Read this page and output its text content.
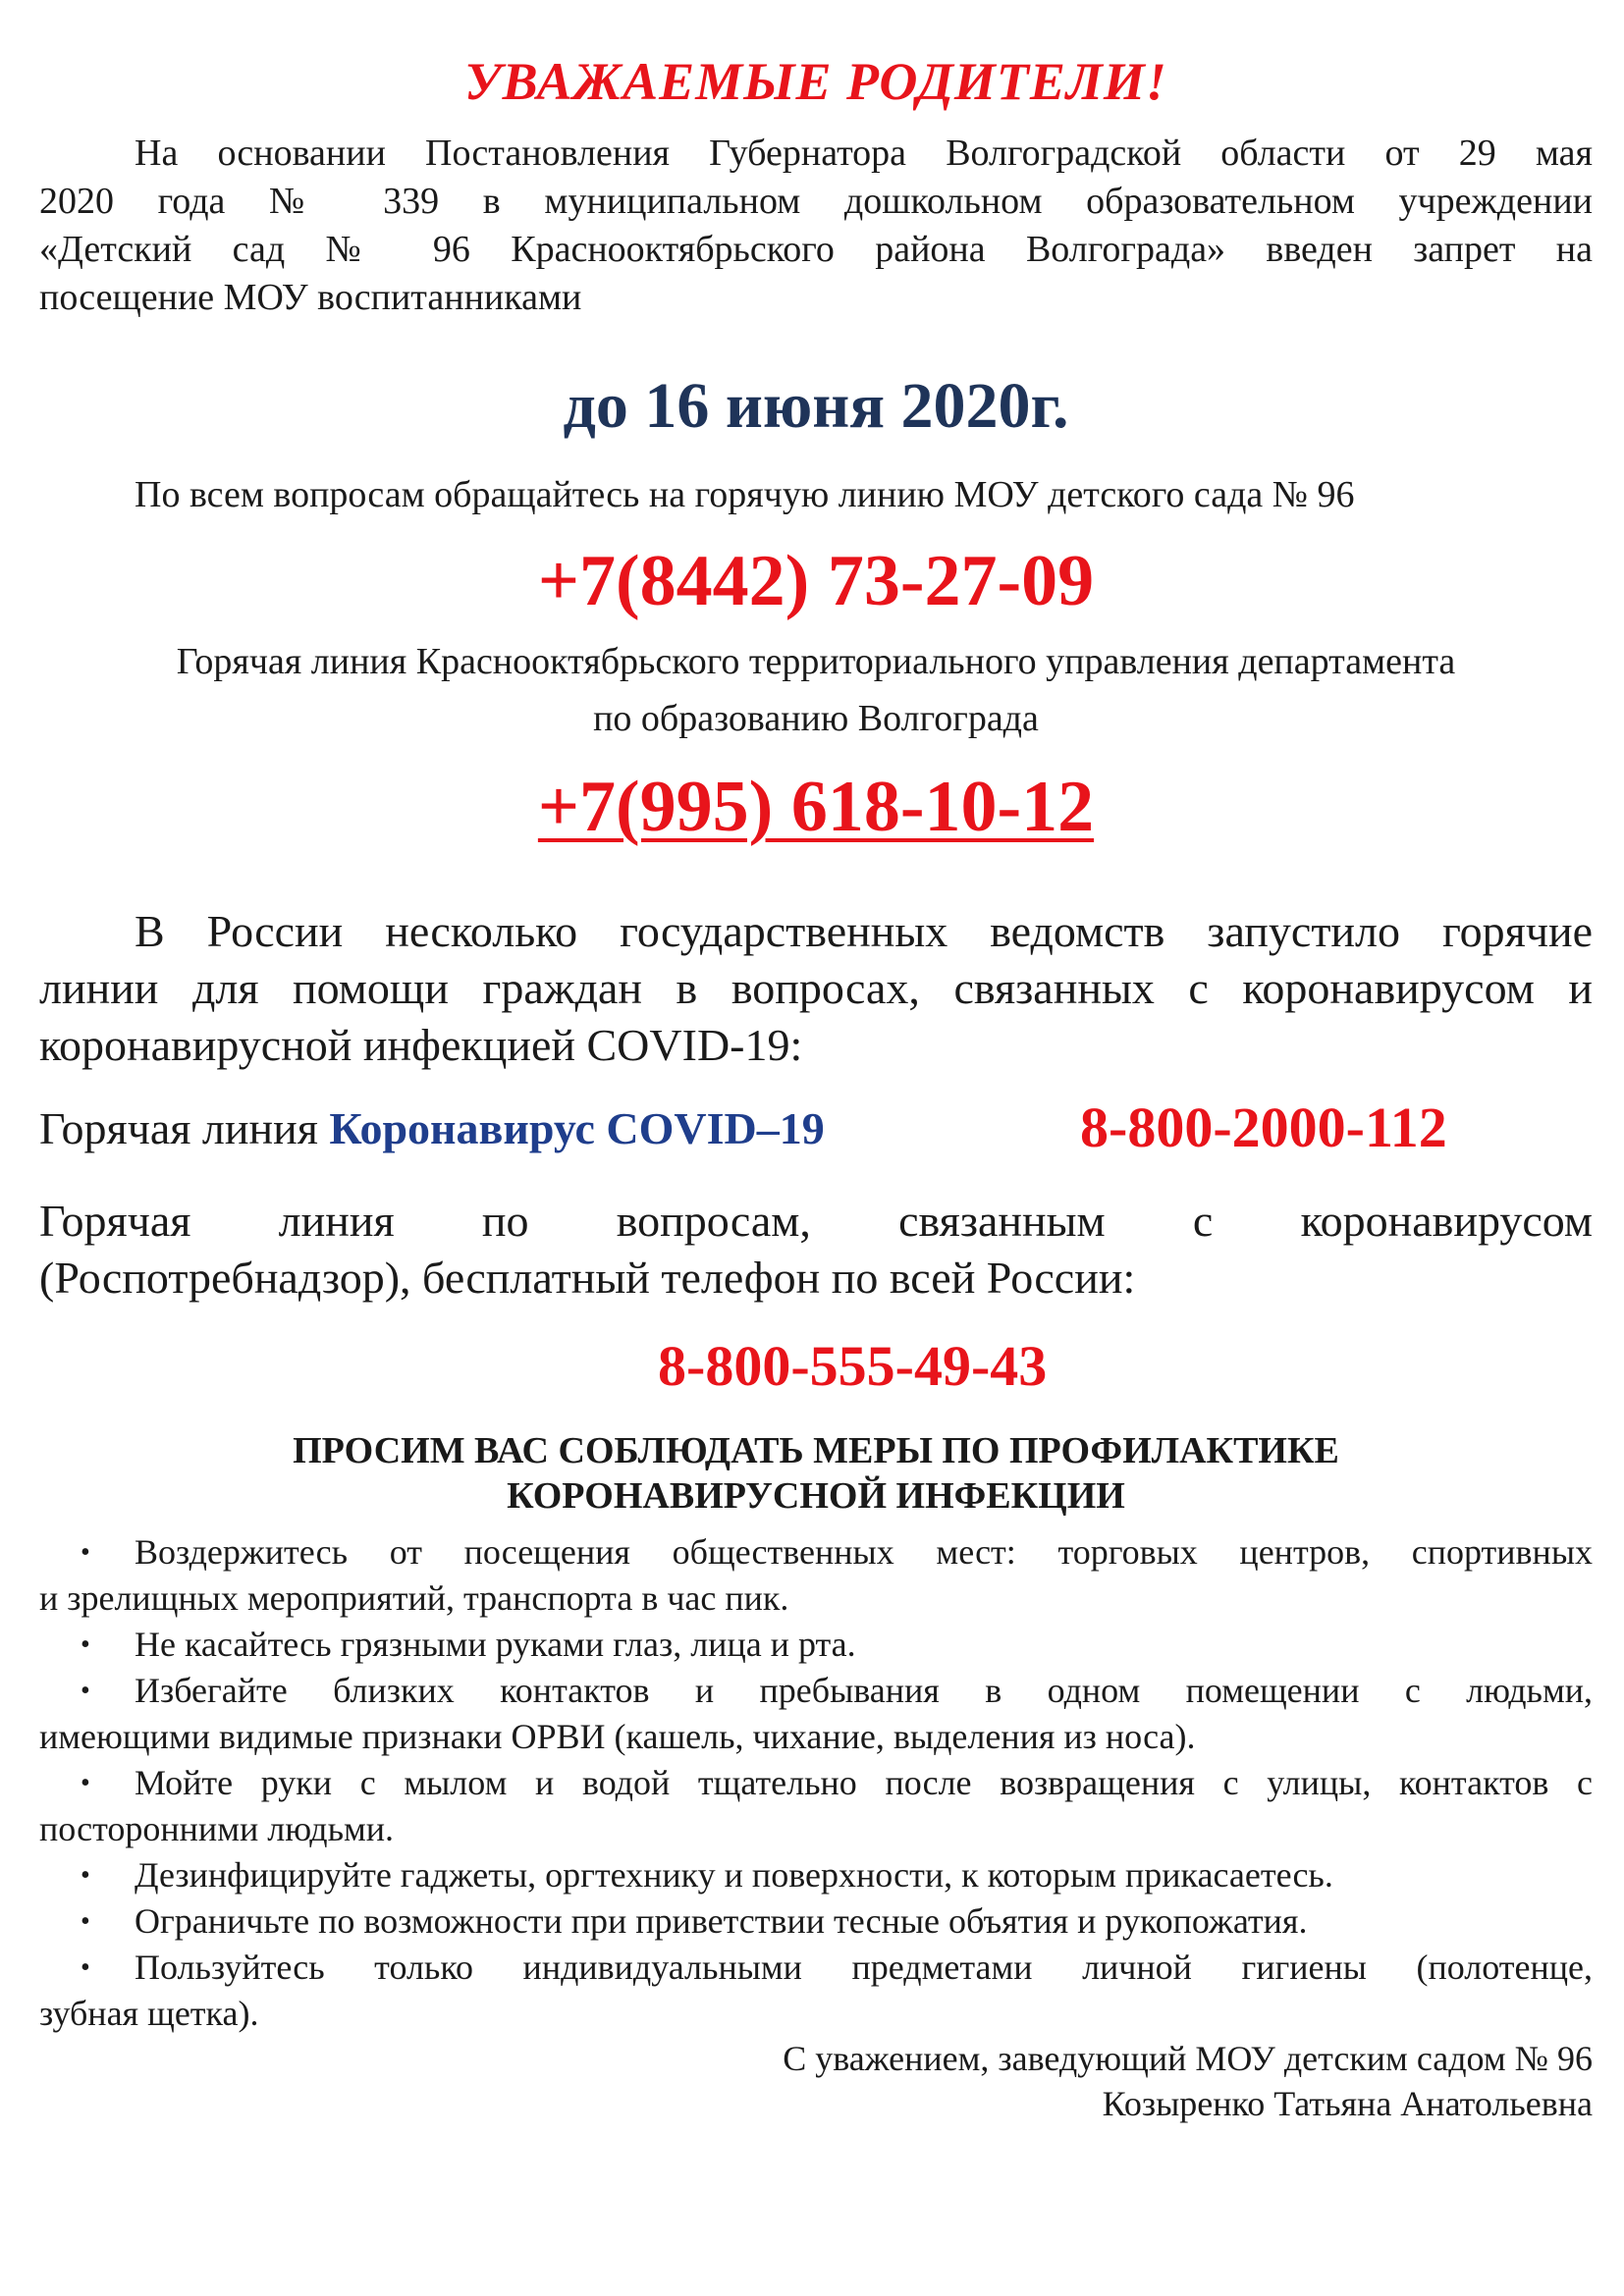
УВАЖАЕМЫЕ РОДИТЕЛИ!
На основании Постановления Губернатора Волгоградской области от 29 мая
2020 года № 339 в муниципальном дошкольном образовательном учреждении
«Детский сад № 96 Краснооктябрьского района Волгограда» введен запрет на
посещение МОУ воспитанниками
до 16 июня 2020г.
По всем вопросам обращайтесь на горячую линию МОУ детского сада № 96
+7(8442) 73-27-09
Горячая линия Краснооктябрьского территориального управления департамента
по образованию Волгограда
+7(995) 618-10-12
В России несколько государственных ведомств запустило горячие
линии для помощи граждан в вопросах, связанных с коронавирусом и
коронавирусной инфекцией COVID-19:
Горячая линия Коронавирус COVID–19	8-800-2000-112
Горячая линия по вопросам, связанным с коронавирусом
(Роспотребнадзор), бесплатный телефон по всей России:
8-800-555-49-43
ПРОСИМ ВАС СОБЛЮДАТЬ МЕРЫ ПО ПРОФИЛАКТИКЕ
КОРОНАВИРУСНОЙ ИНФЕКЦИИ
•	Воздержитесь от посещения общественных мест: торговых центров, спортивных
и зрелищных мероприятий, транспорта в час пик.
•	Не касайтесь грязными руками глаз, лица и рта.
•	Избегайте близких контактов и пребывания в одном помещении с людьми,
имеющими видимые признаки ОРВИ (кашель, чихание, выделения из носа).
•	Мойте руки с мылом и водой тщательно после возвращения с улицы, контактов с
посторонними людьми.
•	Дезинфицируйте гаджеты, оргтехнику и поверхности, к которым прикасаетесь.
•	Ограничьте по возможности при приветствии тесные объятия и рукопожатия.
•	Пользуйтесь только индивидуальными предметами личной гигиены (полотенце,
зубная щетка).
С уважением, заведующий МОУ детским садом № 96
Козыренко Татьяна Анатольевна
